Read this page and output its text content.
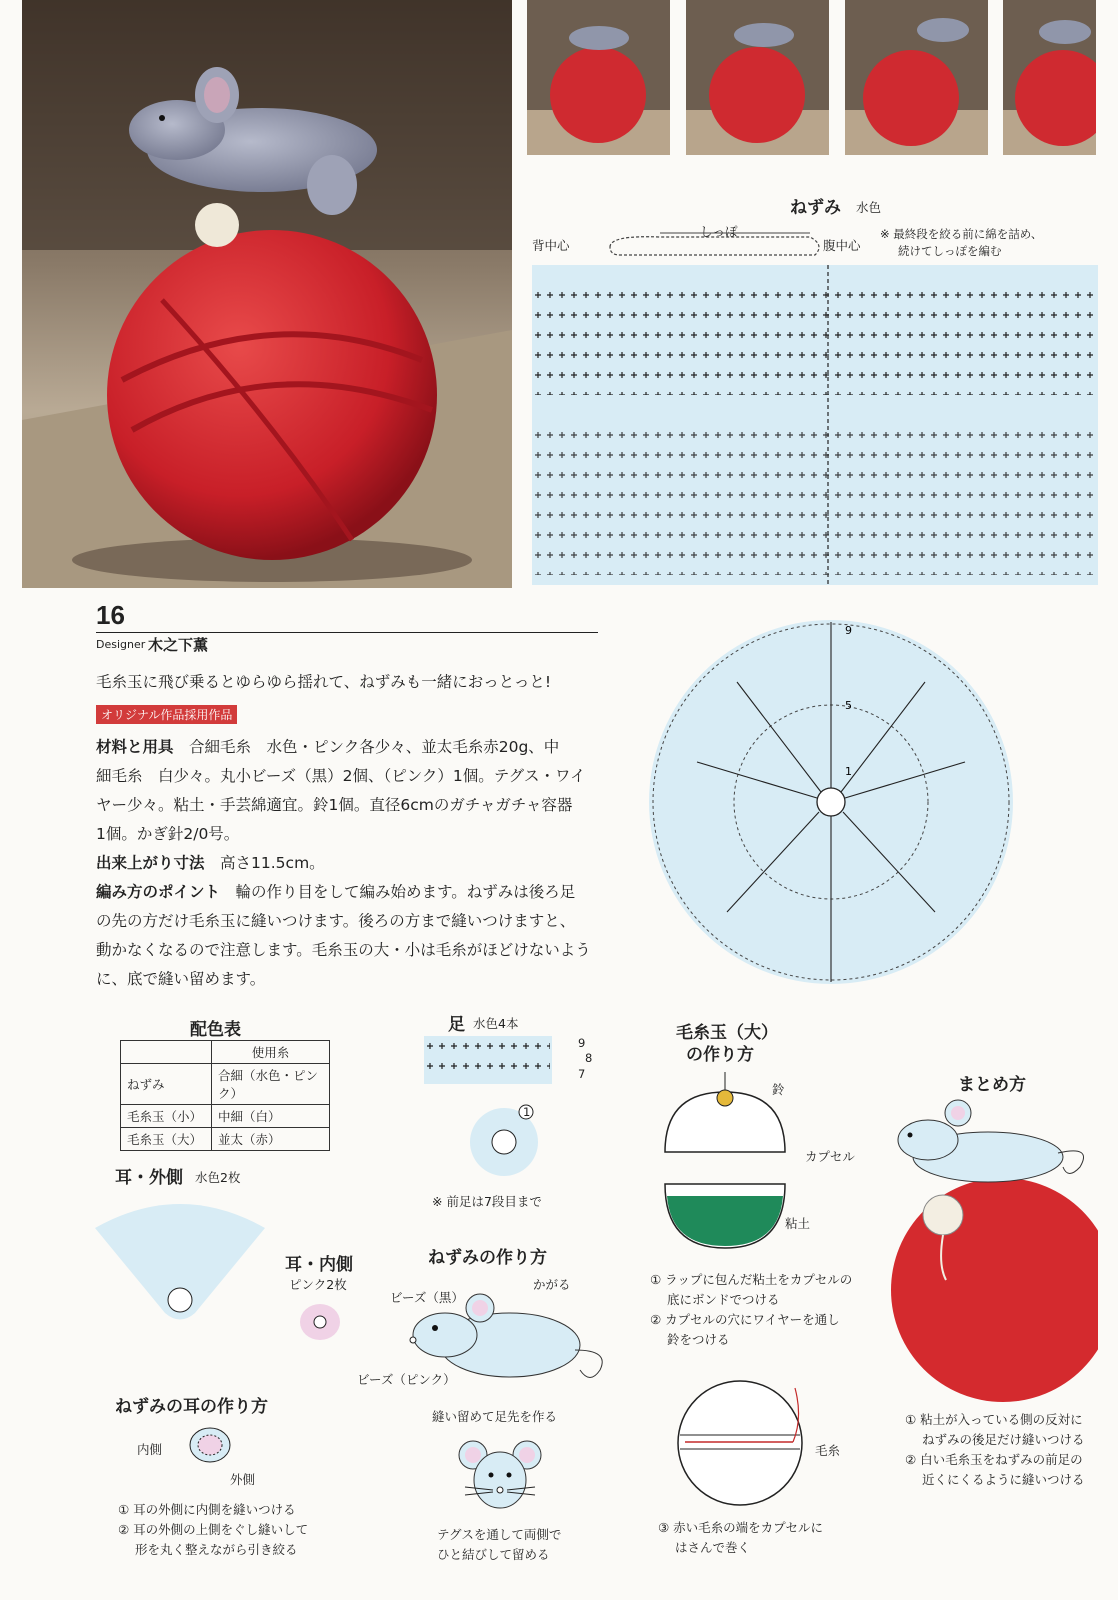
ねずみ 水色
背中心
しっぽ
腹中心
※ 最終段を絞る前に綿を詰め、
続けてしっぽを編む
9
5
1
16
Designer 木之下薫
毛糸玉に飛び乗るとゆらゆら揺れて、ねずみも一緒におっとっと!
オリジナル作品採用作品
材料と用具　 合細毛糸　水色・ピンク各少々、並太毛糸赤20g、中
細毛糸　白少々。丸小ビーズ（黒）2個、（ピンク）1個。テグス・ワイ
ヤー少々。粘土・手芸綿適宜。鈴1個。直径6cmのガチャガチャ容器
1個。かぎ針2/0号。
出来上がり寸法　 高さ11.5cm。
編み方のポイント　 輪の作り目をして編み始めます。ねずみは後ろ足
の先の方だけ毛糸玉に縫いつけます。後ろの方まで縫いつけますと、
動かなくなるので注意します。毛糸玉の大・小は毛糸がほどけないよう
に、底で縫い留めます。
配色表
	使用糸
ねずみ	合細（水色・ピンク）
毛糸玉（小）	中細（白）
毛糸玉（大）	並太（赤）
足 水色4本
9
8
7
1
※ 前足は7段目まで
耳・外側 水色2枚
耳・内側
ピンク2枚
ねずみの耳の作り方
内側
外側
① 耳の外側に内側を縫いつける
② 耳の外側の上側をぐし縫いして
形を丸く整えながら引き絞る
ねずみの作り方
ビーズ（黒）
かがる
ビーズ（ピンク）
縫い留めて足先を作る
テグスを通して両側で
ひと結びして留める
毛糸玉（大）
の作り方
鈴
カプセル
粘土
① ラップに包んだ粘土をカプセルの
底にボンドでつける
② カプセルの穴にワイヤーを通し
鈴をつける
毛糸
③ 赤い毛糸の端をカプセルに
はさんで巻く
まとめ方
① 粘土が入っている側の反対に
ねずみの後足だけ縫いつける
② 白い毛糸玉をねずみの前足の
近くにくるように縫いつける
